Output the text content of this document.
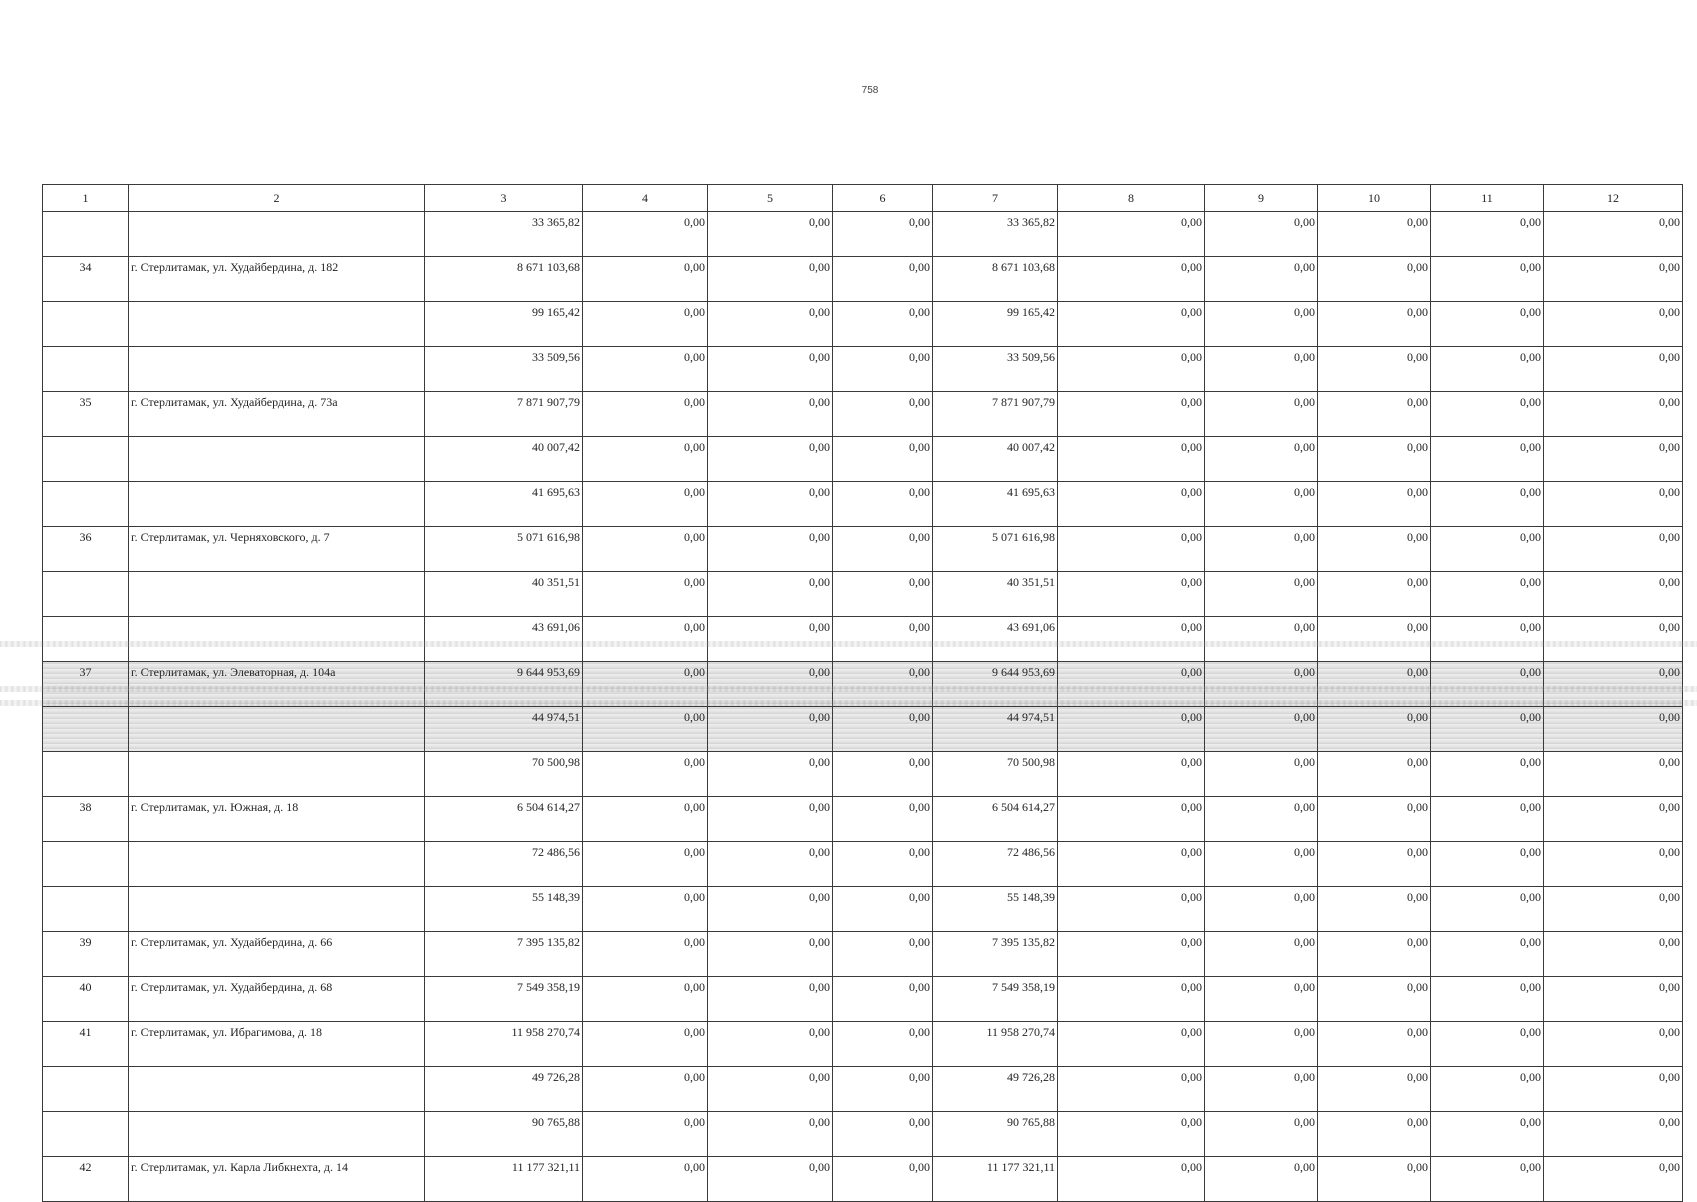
758
1	2	3	4	5	6	7	8	9	10	11	12
		33 365,82	0,00	0,00	0,00	33 365,82	0,00	0,00	0,00	0,00	0,00
34	г. Стерлитамак, ул. Худайбердина, д. 182	8 671 103,68	0,00	0,00	0,00	8 671 103,68	0,00	0,00	0,00	0,00	0,00
		99 165,42	0,00	0,00	0,00	99 165,42	0,00	0,00	0,00	0,00	0,00
		33 509,56	0,00	0,00	0,00	33 509,56	0,00	0,00	0,00	0,00	0,00
35	г. Стерлитамак, ул. Худайбердина, д. 73а	7 871 907,79	0,00	0,00	0,00	7 871 907,79	0,00	0,00	0,00	0,00	0,00
		40 007,42	0,00	0,00	0,00	40 007,42	0,00	0,00	0,00	0,00	0,00
		41 695,63	0,00	0,00	0,00	41 695,63	0,00	0,00	0,00	0,00	0,00
36	г. Стерлитамак, ул. Черняховского, д. 7	5 071 616,98	0,00	0,00	0,00	5 071 616,98	0,00	0,00	0,00	0,00	0,00
		40 351,51	0,00	0,00	0,00	40 351,51	0,00	0,00	0,00	0,00	0,00
		43 691,06	0,00	0,00	0,00	43 691,06	0,00	0,00	0,00	0,00	0,00
37	г. Стерлитамак, ул. Элеваторная, д. 104а	9 644 953,69	0,00	0,00	0,00	9 644 953,69	0,00	0,00	0,00	0,00	0,00
		44 974,51	0,00	0,00	0,00	44 974,51	0,00	0,00	0,00	0,00	0,00
		70 500,98	0,00	0,00	0,00	70 500,98	0,00	0,00	0,00	0,00	0,00
38	г. Стерлитамак, ул. Южная, д. 18	6 504 614,27	0,00	0,00	0,00	6 504 614,27	0,00	0,00	0,00	0,00	0,00
		72 486,56	0,00	0,00	0,00	72 486,56	0,00	0,00	0,00	0,00	0,00
		55 148,39	0,00	0,00	0,00	55 148,39	0,00	0,00	0,00	0,00	0,00
39	г. Стерлитамак, ул. Худайбердина, д. 66	7 395 135,82	0,00	0,00	0,00	7 395 135,82	0,00	0,00	0,00	0,00	0,00
40	г. Стерлитамак, ул. Худайбердина, д. 68	7 549 358,19	0,00	0,00	0,00	7 549 358,19	0,00	0,00	0,00	0,00	0,00
41	г. Стерлитамак, ул. Ибрагимова, д. 18	11 958 270,74	0,00	0,00	0,00	11 958 270,74	0,00	0,00	0,00	0,00	0,00
		49 726,28	0,00	0,00	0,00	49 726,28	0,00	0,00	0,00	0,00	0,00
		90 765,88	0,00	0,00	0,00	90 765,88	0,00	0,00	0,00	0,00	0,00
42	г. Стерлитамак, ул. Карла Либкнехта, д. 14	11 177 321,11	0,00	0,00	0,00	11 177 321,11	0,00	0,00	0,00	0,00	0,00
